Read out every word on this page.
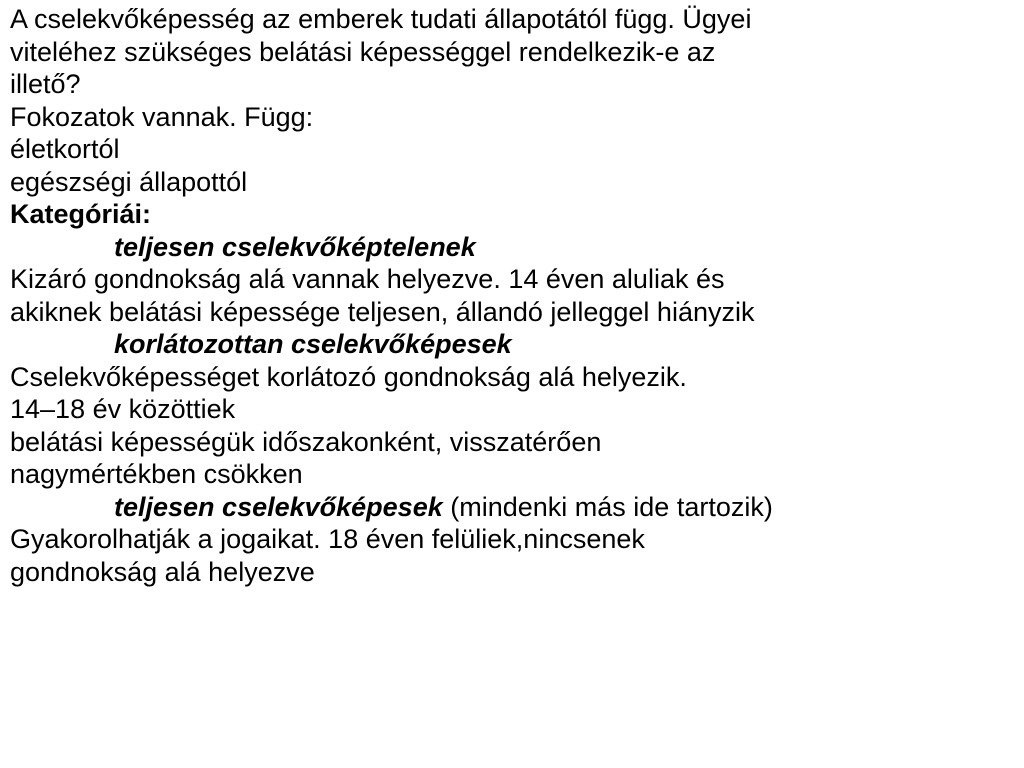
A cselekvőképesség az emberek tudati állapotától függ. Ügyei
viteléhez szükséges belátási képességgel rendelkezik-e az
illető?
Fokozatok vannak. Függ:
életkortól
egészségi állapottól
Kategóriái:
teljesen cselekvőképtelenek
Kizáró gondnokság alá vannak helyezve. 14 éven aluliak és
akiknek belátási képessége teljesen, állandó jelleggel hiányzik
korlátozottan cselekvőképesek
Cselekvőképességet korlátozó gondnokság alá helyezik.
14–18 év közöttiek
belátási képességük időszakonként, visszatérően
nagymértékben csökken
teljesen cselekvőképesek (mindenki más ide tartozik)
Gyakorolhatják a jogaikat. 18 éven felüliek,nincsenek
gondnokság alá helyezve
